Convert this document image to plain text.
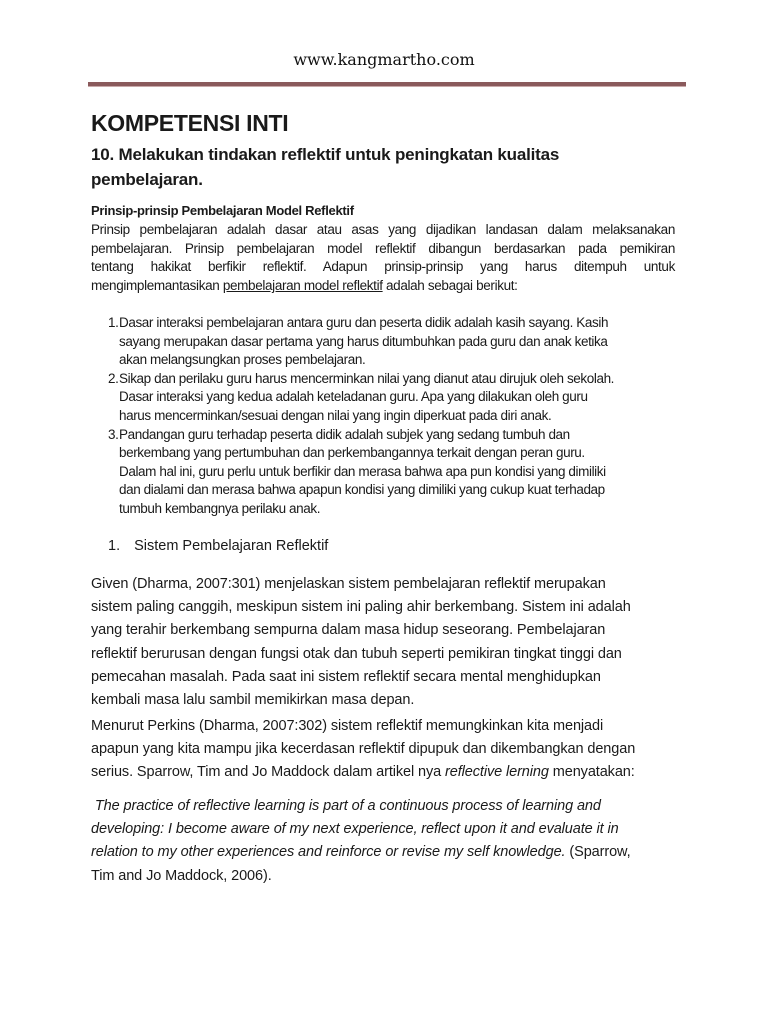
www.kangmartho.com
KOMPETENSI INTI
10. Melakukan tindakan reflektif untuk peningkatan kualitas
pembelajaran.
Prinsip-prinsip Pembelajaran Model Reflektif
Prinsip pembelajaran adalah dasar atau asas yang dijadikan landasan dalam melaksanakan
pembelajaran. Prinsip pembelajaran model reflektif dibangun berdasarkan pada pemikiran
tentang hakikat berfikir reflektif. Adapun prinsip-prinsip yang harus ditempuh untuk
mengimplemantasikan pembelajaran model reflektif adalah sebagai berikut:
1. Dasar interaksi pembelajaran antara guru dan peserta didik adalah kasih sayang. Kasih
sayang merupakan dasar pertama yang harus ditumbuhkan pada guru dan anak ketika
akan melangsungkan proses pembelajaran.
2. Sikap dan perilaku guru harus mencerminkan nilai yang dianut atau dirujuk oleh sekolah.
Dasar interaksi yang kedua adalah keteladanan guru. Apa yang dilakukan oleh guru
harus mencerminkan/sesuai dengan nilai yang ingin diperkuat pada diri anak.
3. Pandangan guru terhadap peserta didik adalah subjek yang sedang tumbuh dan
berkembang yang pertumbuhan dan perkembangannya terkait dengan peran guru.
Dalam hal ini, guru perlu untuk berfikir dan merasa bahwa apa pun kondisi yang dimiliki
dan dialami dan merasa bahwa apapun kondisi yang dimiliki yang cukup kuat terhadap
tumbuh kembangnya perilaku anak.
1. Sistem Pembelajaran Reflektif
Given (Dharma, 2007:301) menjelaskan sistem pembelajaran reflektif merupakan
sistem paling canggih, meskipun sistem ini paling ahir berkembang. Sistem ini adalah
yang terahir berkembang sempurna dalam masa hidup seseorang. Pembelajaran
reflektif berurusan dengan fungsi otak dan tubuh seperti pemikiran tingkat tinggi dan
pemecahan masalah. Pada saat ini sistem reflektif secara mental menghidupkan
kembali masa lalu sambil memikirkan masa depan.
Menurut Perkins (Dharma, 2007:302) sistem reflektif memungkinkan kita menjadi
apapun yang kita mampu jika kecerdasan reflektif dipupuk dan dikembangkan dengan
serius. Sparrow, Tim and Jo Maddock dalam artikel nya reflective lerning menyatakan:
The practice of reflective learning is part of a continuous process of learning and
developing: I become aware of my next experience, reflect upon it and evaluate it in
relation to my other experiences and reinforce or revise my self knowledge. (Sparrow,
Tim and Jo Maddock, 2006).
